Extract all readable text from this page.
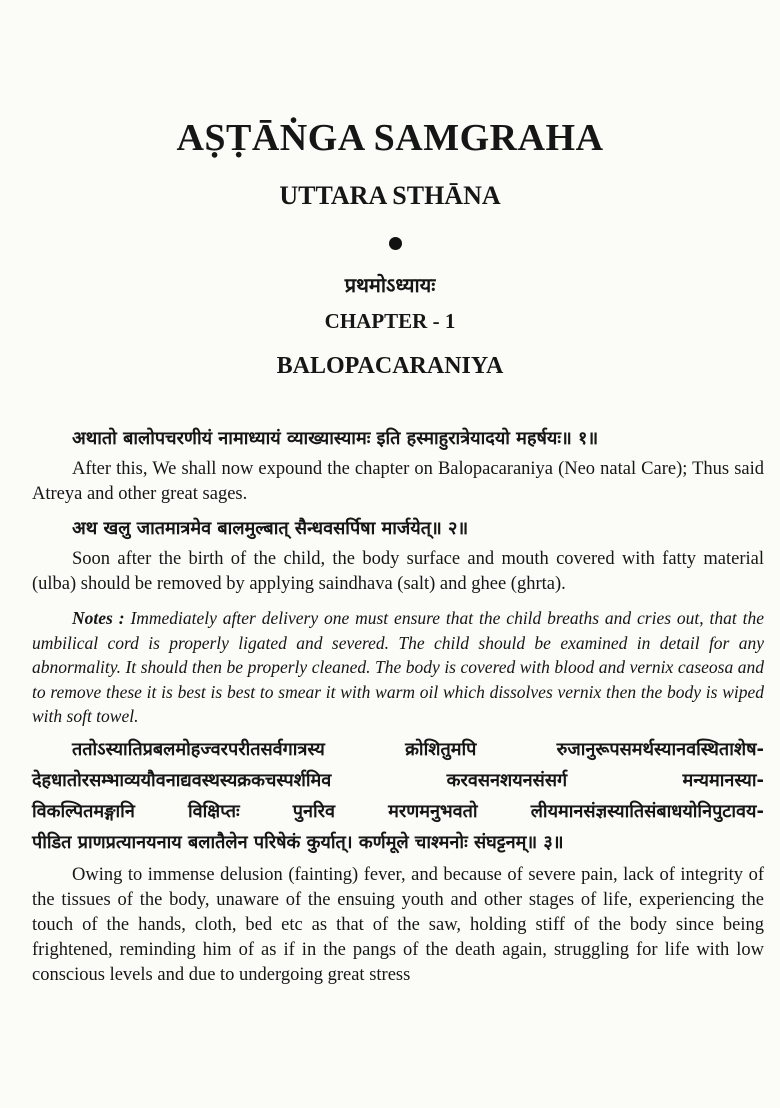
AṢṬĀṄGA SAMGRAHA
UTTARA STHĀNA
प्रथमोऽध्यायः
CHAPTER - 1
BALOPACARANIYA
अथातो बालोपचरणीयं नामाध्यायं व्याख्यास्यामः इति हस्माहुरात्रेयादयो महर्षयः॥ १॥
After this, We shall now expound the chapter on Balopacaraniya (Neo natal Care); Thus said Atreya and other great sages.
अथ खलु जातमात्रमेव बालमुल्बात् सैन्धवसर्पिषा मार्जयेत्॥ २॥
Soon after the birth of the child, the body surface and mouth covered with fatty material (ulba) should be removed by applying saindhava (salt) and ghee (ghrta).
Notes : Immediately after delivery one must ensure that the child breaths and cries out, that the umbilical cord is properly ligated and severed. The child should be examined in detail for any abnormality. It should then be properly cleaned. The body is covered with blood and vernix caseosa and to remove these it is best is best to smear it with warm oil which dissolves vernix then the body is wiped with soft towel.
ततोऽस्यातिप्रबलमोहज्वरपरीतसर्वगात्रस्य	क्रोशितुमपि	रुजानुरूपसमर्थस्यानवस्थिताशेष-
देहधातोरसम्भाव्ययौवनाद्यवस्थस्यक्रकचस्पर्शमिव	करवसनशयनसंसर्ग	मन्यमानस्या-
विकल्पितमङ्गानि	विक्षिप्तः	पुनरिव	मरणमनुभवतो	लीयमानसंज्ञस्यातिसंबाधयोनिपुटावय-
पीडित प्राणप्रत्यानयनाय बलातैलेन परिषेकं कुर्यात्। कर्णमूले चाश्मनोः संघट्टनम्॥ ३॥
Owing to immense delusion (fainting) fever, and because of severe pain, lack of integrity of the tissues of the body, unaware of the ensuing youth and other stages of life, experiencing the touch of the hands, cloth, bed etc as that of the saw, holding stiff of the body since being frightened, reminding him of as if in the pangs of the death again, struggling for life with low conscious levels and due to undergoing great stress
